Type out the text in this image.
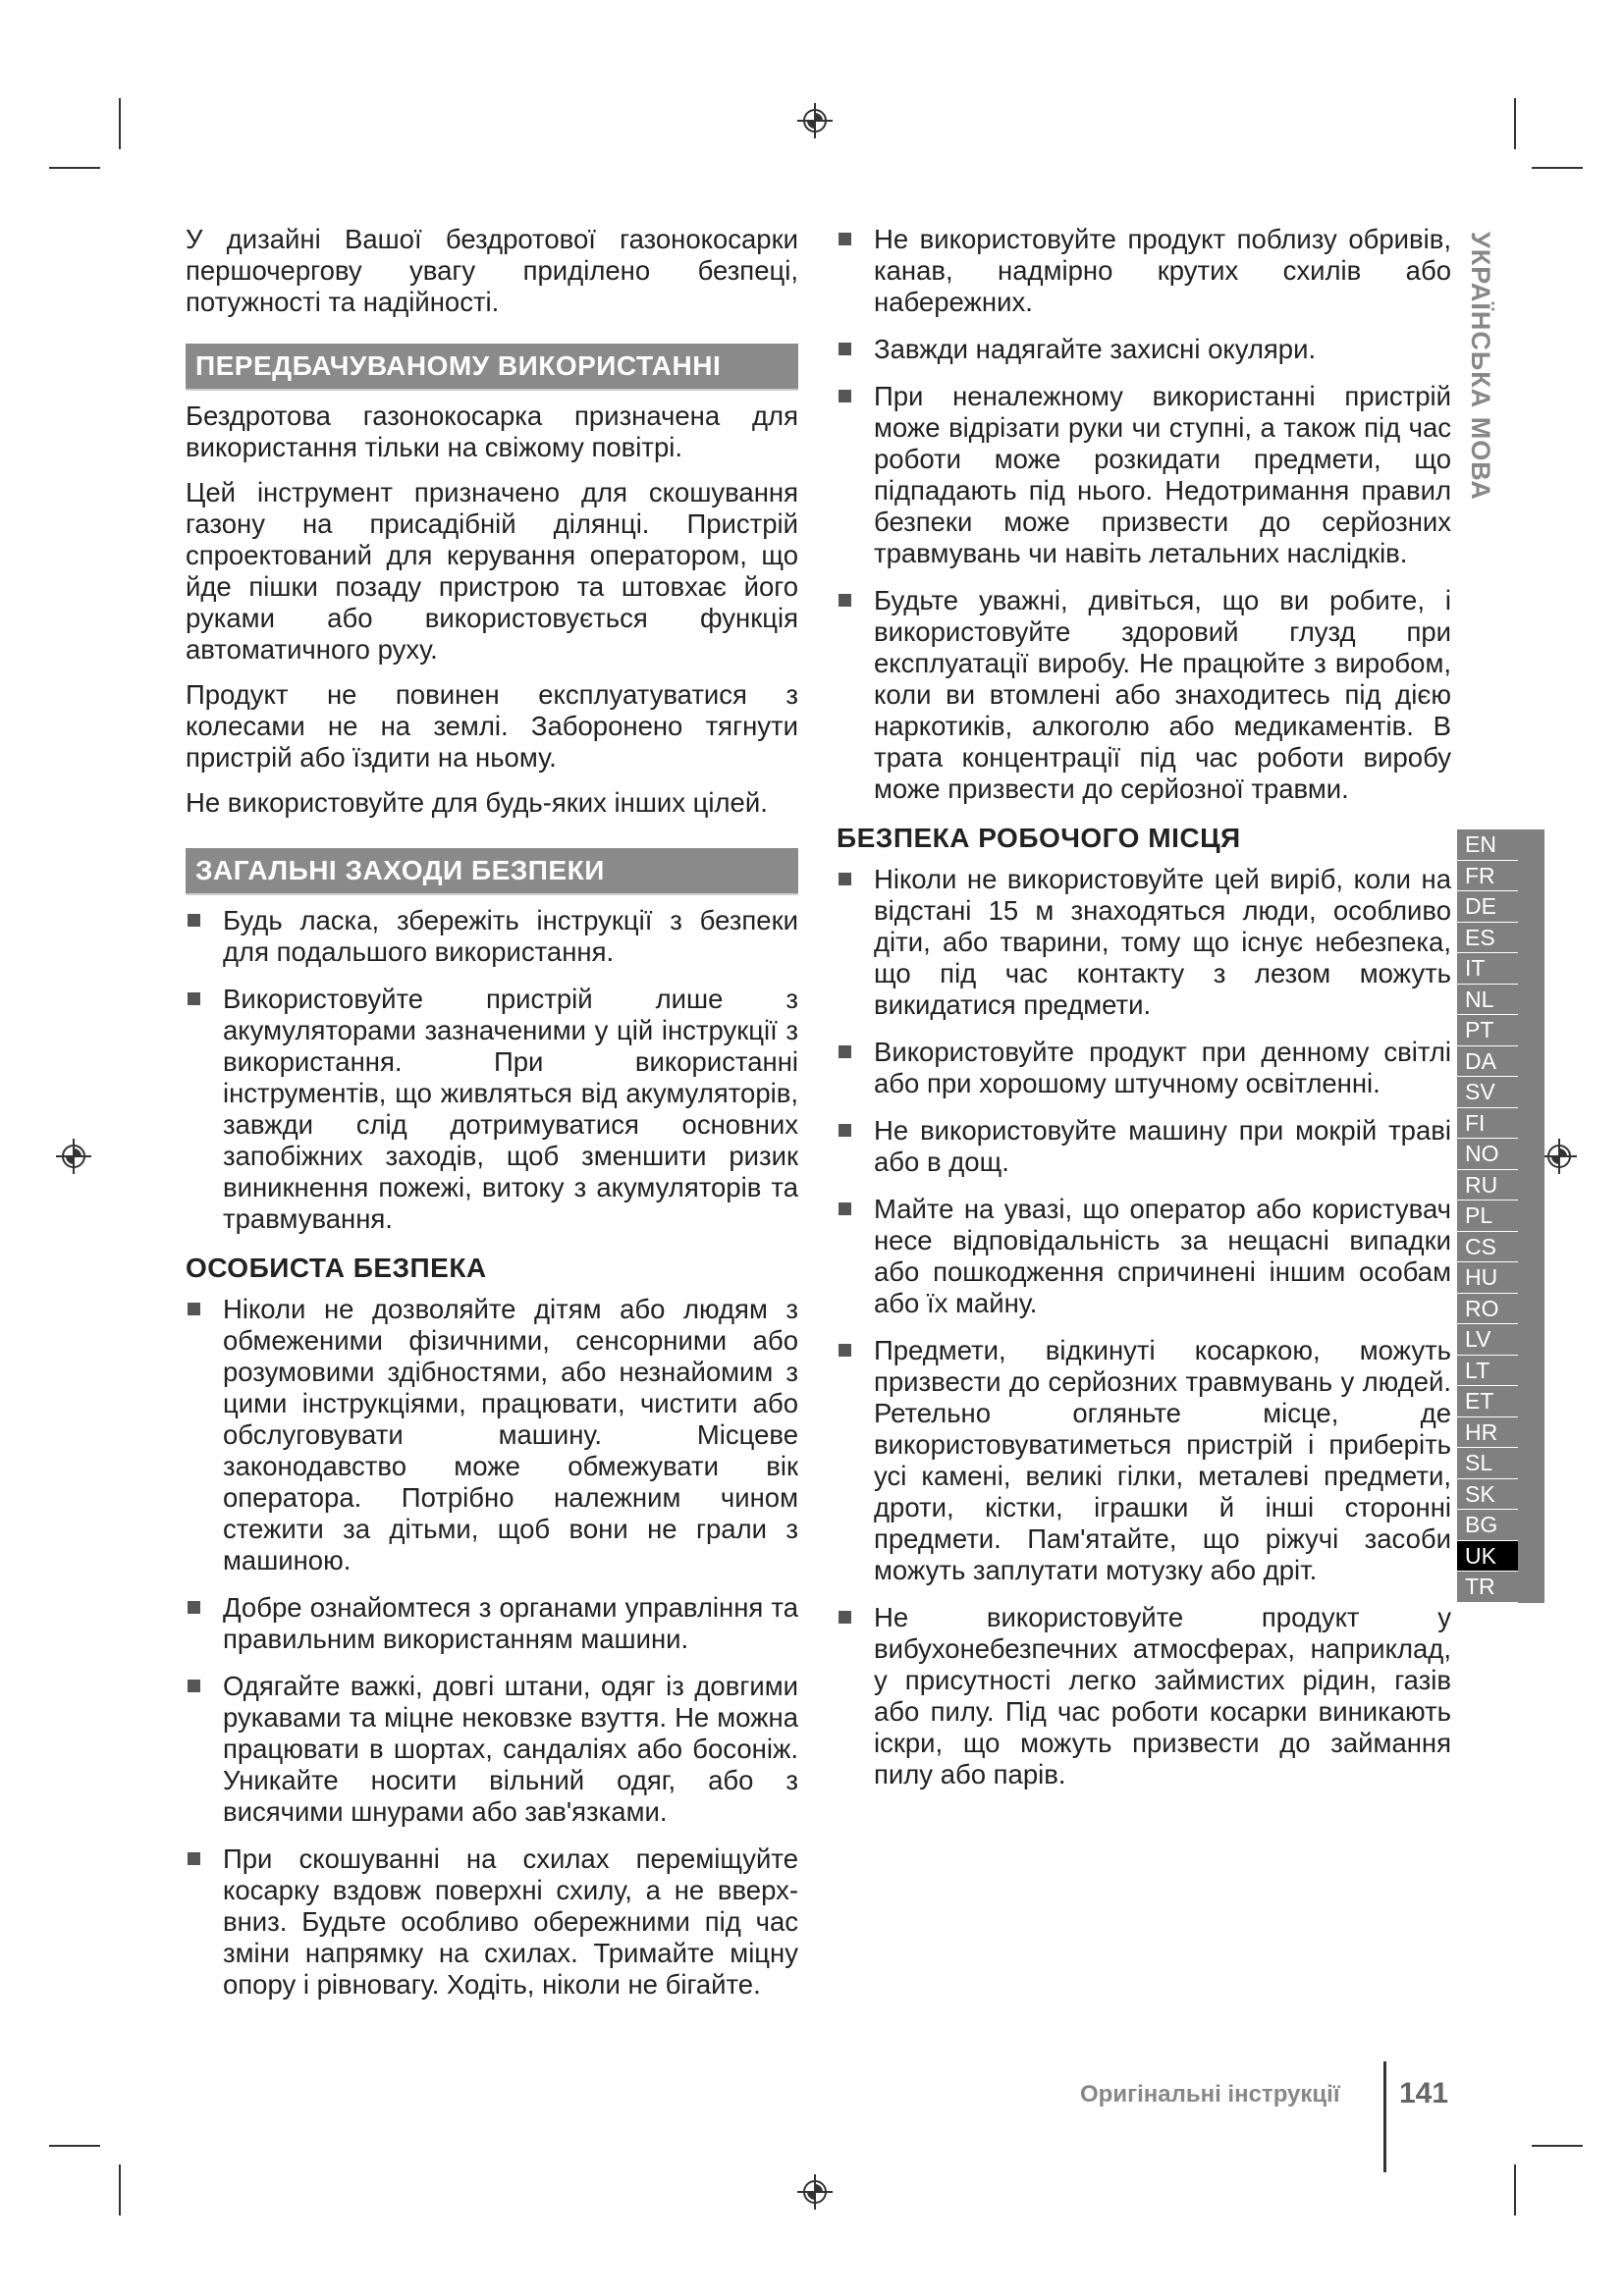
У дизайні Вашої бездротової газонокосарки першочергову увагу приділено безпеці, потужності та надійності.

ПЕРЕДБАЧУВАНОМУ ВИКОРИСТАННІ

Бездротова газонокосарка призначена для використання тільки на свіжому повітрі.

Цей інструмент призначено для скошування газону на присадібній ділянці. Пристрій спроектований для керування оператором, що йде пішки позаду пристрою та штовхає його руками або використовується функція автоматичного руху.

Продукт не повинен експлуатуватися з колесами не на землі. Заборонено тягнути пристрій або їздити на ньому.

Не використовуйте для будь-яких інших цілей.

ЗАГАЛЬНІ ЗАХОДИ БЕЗПЕКИ
Будь ласка, збережіть інструкції з безпеки для подальшого використання.
Використовуйте пристрій лише з акумуляторами зазначеними у цій інструкції з використання. При використанні інструментів, що живляться від акумуляторів, завжди слід дотримуватися основних запобіжних заходів, щоб зменшити ризик виникнення пожежі, витоку з акумуляторів та травмування.
ОСОБИСТА БЕЗПЕКА
Ніколи не дозволяйте дітям або людям з обмеженими фізичними, сенсорними або розумовими здібностями, або незнайомим з цими інструкціями, працювати, чистити або обслуговувати машину. Місцеве законодавство може обмежувати вік оператора. Потрібно належним чином стежити за дітьми, щоб вони не грали з машиною.
Добре ознайомтеся з органами управління та правильним використанням машини.
Одягайте важкі, довгі штани, одяг із довгими рукавами та міцне нековзке взуття. Не можна працювати в шортах, сандаліях або босоніж. Уникайте носити вільний одяг, або з висячими шнурами або зав'язками.
При скошуванні на схилах переміщуйте косарку вздовж поверхні схилу, а не вверх-вниз. Будьте особливо обережними під час зміни напрямку на схилах. Тримайте міцну опору і рівновагу. Ходіть, ніколи не бігайте.
Не використовуйте продукт поблизу обривів, канав, надмірно крутих схилів або набережних.
Завжди надягайте захисні окуляри.
При неналежному використанні пристрій може відрізати руки чи ступні, а також під час роботи може розкидати предмети, що підпадають під нього. Недотримання правил безпеки може призвести до серйозних травмувань чи навіть летальних наслідків.
Будьте уважні, дивіться, що ви робите, і використовуйте здоровий глузд при експлуатації виробу. Не працюйте з виробом, коли ви втомлені або знаходитесь під дією наркотиків, алкоголю або медикаментів. В трата концентрації під час роботи виробу може призвести до серйозної травми.
БЕЗПЕКА РОБОЧОГО МІСЦЯ
Ніколи не використовуйте цей виріб, коли на відстані 15 м знаходяться люди, особливо діти, або тварини, тому що існує небезпека, що під час контакту з лезом можуть викидатися предмети.
Використовуйте продукт при денному світлі або при хорошому штучному освітленні.
Не використовуйте машину при мокрій траві або в дощ.
Майте на увазі, що оператор або користувач несе відповідальність за нещасні випадки або пошкодження спричинені іншим особам або їх майну.
Предмети, відкинуті косаркою, можуть призвести до серйозних травмувань у людей. Ретельно огляньте місце, де використовуватиметься пристрій і приберіть усі камені, великі гілки, металеві предмети, дроти, кістки, іграшки й інші сторонні предмети. Пам'ятайте, що ріжучі засоби можуть заплутати мотузку або дріт.
Не використовуйте продукт у вибухонебезпечних атмосферах, наприклад, у присутності легко займистих рідин, газів або пилу. Під час роботи косарки виникають іскри, що можуть призвести до займання пилу або парів.
УКРАЇНСЬКА МОВА
EN
FR
DE
ES
IT
NL
PT
DA
SV
FI
NO
RU
PL
CS
HU
RO
LV
LT
ET
HR
SL
SK
BG
UK
TR
Оригінальні інструкції 141
